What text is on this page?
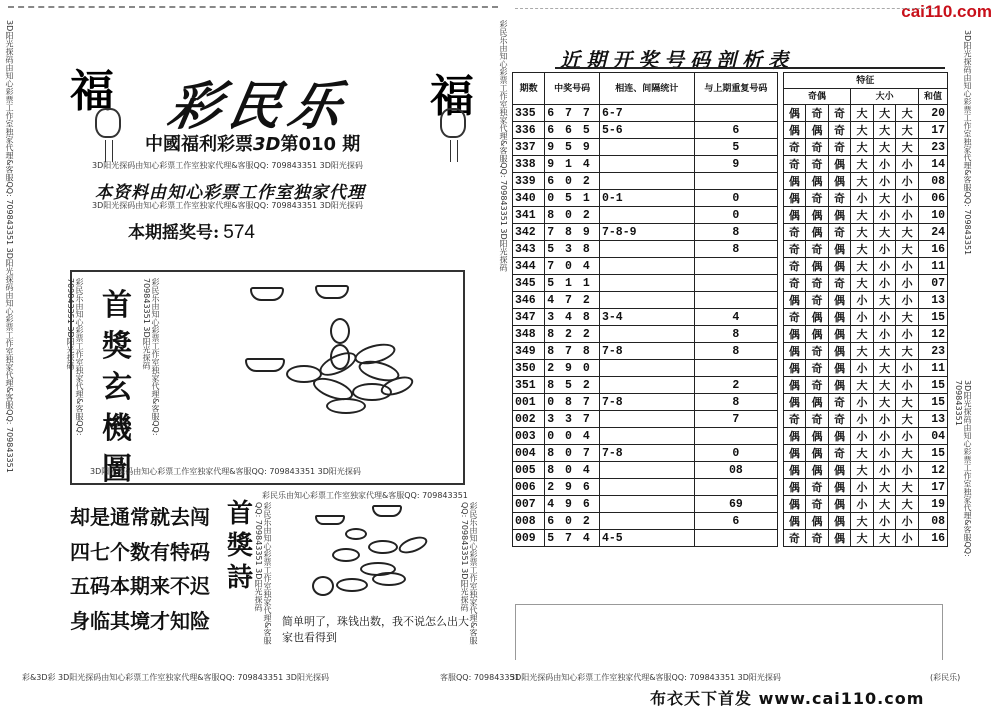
cai110.com
3D阳光探码由知心彩票工作室独家代理&客服QQ: 709843351 3D阳光探码由知心彩票工作室独家代理&客服QQ: 709843351	彩民乐由知心彩票工作室独家代理&客服QQ: 709843351 3D阳光探码	3D阳光探码由知心彩票工作室独家代理&客服QQ: 709843351
3D阳光探码由知心彩票工作室独家代理&客服QQ: 709843351
福	福
彩民乐
中國福利彩票3D第010 期
3D阳光探码由知心彩票工作室独家代理&客服QQ: 709843351 3D阳光探码
本资料由知心彩票工作室独家代理
3D阳光探码由知心彩票工作室独家代理&客服QQ: 709843351 3D阳光探码
本期摇奖号: 574
彩民乐由知心彩票工作室独家代理&客服QQ: 709843351 3D阳光探码	彩民乐由知心彩票工作室独家代理&客服QQ: 709843351 3D阳光探码
首
獎
玄
機
圖
3D阳光探码由知心彩票工作室独家代理&客服QQ: 709843351 3D阳光探码
却是通常就去闯
四七个数有特码
五码本期来不迟
身临其境才知险
首
獎
詩
彩民乐由知心彩票工作室独家代理&客服QQ: 709843351
彩民乐由知心彩票工作室独家代理&客服QQ: 709843351 3D阳光探码	彩民乐由知心彩票工作室独家代理&客服QQ: 709843351 3D阳光探码
简单明了，珠钱出数，我不说怎么出大家也看得到
彩&3D彩 3D阳光探码由知心彩票工作室独家代理&客服QQ: 709843351 3D阳光探码	客服QQ: 709843351
近期开奖号码剖析表
期数	中奖号码	相连、间隔统计	与上期重复号码		特征						
					奇偶			大小			和值
335	6 7 7	6-7			偶	奇	奇	大	大	大	20
336	6 6 5	5-6	6		偶	偶	奇	大	大	大	17
337	9 5 9		5		奇	奇	奇	大	大	大	23
338	9 1 4		9		奇	奇	偶	大	小	小	14
339	6 0 2				偶	偶	偶	大	小	小	08
340	0 5 1	0-1	0		偶	奇	奇	小	大	小	06
341	8 0 2		0		偶	偶	偶	大	小	小	10
342	7 8 9	7-8-9	8		奇	偶	奇	大	大	大	24
343	5 3 8		8		奇	奇	偶	大	小	大	16
344	7 0 4				奇	偶	偶	大	小	小	11
345	5 1 1				奇	奇	奇	大	小	小	07
346	4 7 2				偶	奇	偶	小	大	小	13
347	3 4 8	3-4	4		奇	偶	偶	小	小	大	15
348	8 2 2		8		偶	偶	偶	大	小	小	12
349	8 7 8	7-8	8		偶	奇	偶	大	大	大	23
350	2 9 0				偶	奇	偶	小	大	小	11
351	8 5 2		2		偶	奇	偶	大	大	小	15
001	0 8 7	7-8	8		偶	偶	奇	小	大	大	15
002	3 3 7		7		奇	奇	奇	小	小	大	13
003	0 0 4				偶	偶	偶	小	小	小	04
004	8 0 7	7-8	0		偶	偶	奇	大	小	大	15
005	8 0 4		08		偶	偶	偶	大	小	小	12
006	2 9 6				偶	奇	偶	小	大	大	17
007	4 9 6		69		偶	奇	偶	小	大	大	19
008	6 0 2		6		偶	偶	偶	大	小	小	08
009	5 7 4	4-5			奇	奇	偶	大	大	小	16
3D阳光探码由知心彩票工作室独家代理&客服QQ: 709843351 3D阳光探码	(彩民乐)
布衣天下首发 www.cai110.com
